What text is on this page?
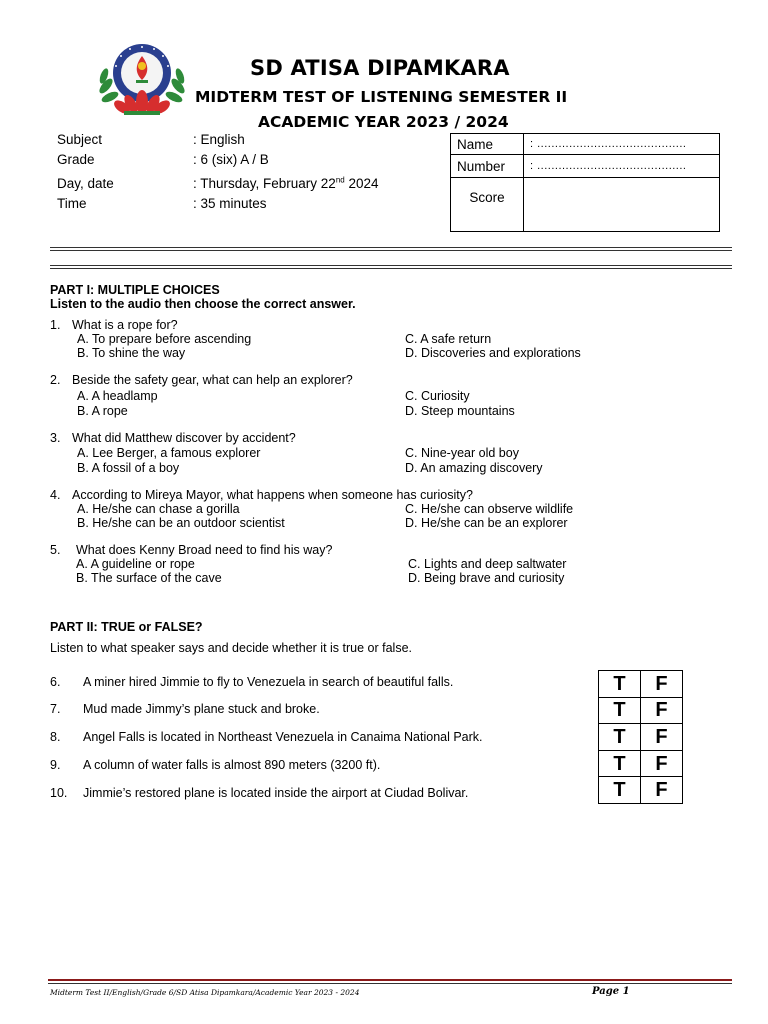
SD ATISA DIPAMKARA
MIDTERM TEST OF LISTENING SEMESTER II
ACADEMIC YEAR 2023 / 2024
Subject	: English
Grade	: 6 (six) A / B
Day, date	: Thursday, February 22nd 2024
Time	: 35 minutes
Name	: ..........................................
Number	: ..........................................
Score	
PART I: MULTIPLE CHOICES
Listen to the audio then choose the correct answer.
1. What is a rope for?
A. To prepare before ascending	C. A safe return
B. To shine the way	D. Discoveries and explorations
2. Beside the safety gear, what can help an explorer?
A. A headlamp	C. Curiosity
B. A rope	D. Steep mountains
3. What did Matthew discover by accident?
A. Lee Berger, a famous explorer	C. Nine-year old boy
B. A fossil of a boy	D. An amazing discovery
4. According to Mireya Mayor, what happens when someone has curiosity?
A. He/she can chase a gorilla	C. He/she can observe wildlife
B. He/she can be an outdoor scientist	D. He/she can be an explorer
5. What does Kenny Broad need to find his way?
A. A guideline or rope	C. Lights and deep saltwater
B. The surface of the cave	D. Being brave and curiosity
PART II: TRUE or FALSE?
Listen to what speaker says and decide whether it is true or false.
6. A miner hired Jimmie to fly to Venezuela in search of beautiful falls.
7. Mud made Jimmy’s plane stuck and broke.
8. Angel Falls is located in Northeast Venezuela in Canaima National Park.
9. A column of water falls is almost 890 meters (3200 ft).
10. Jimmie’s restored plane is located inside the airport at Ciudad Bolivar.
T	F
T	F
T	F
T	F
T	F
Midterm Test II/English/Grade 6/SD Atisa Dipamkara/Academic Year 2023 - 2024	Page 1
